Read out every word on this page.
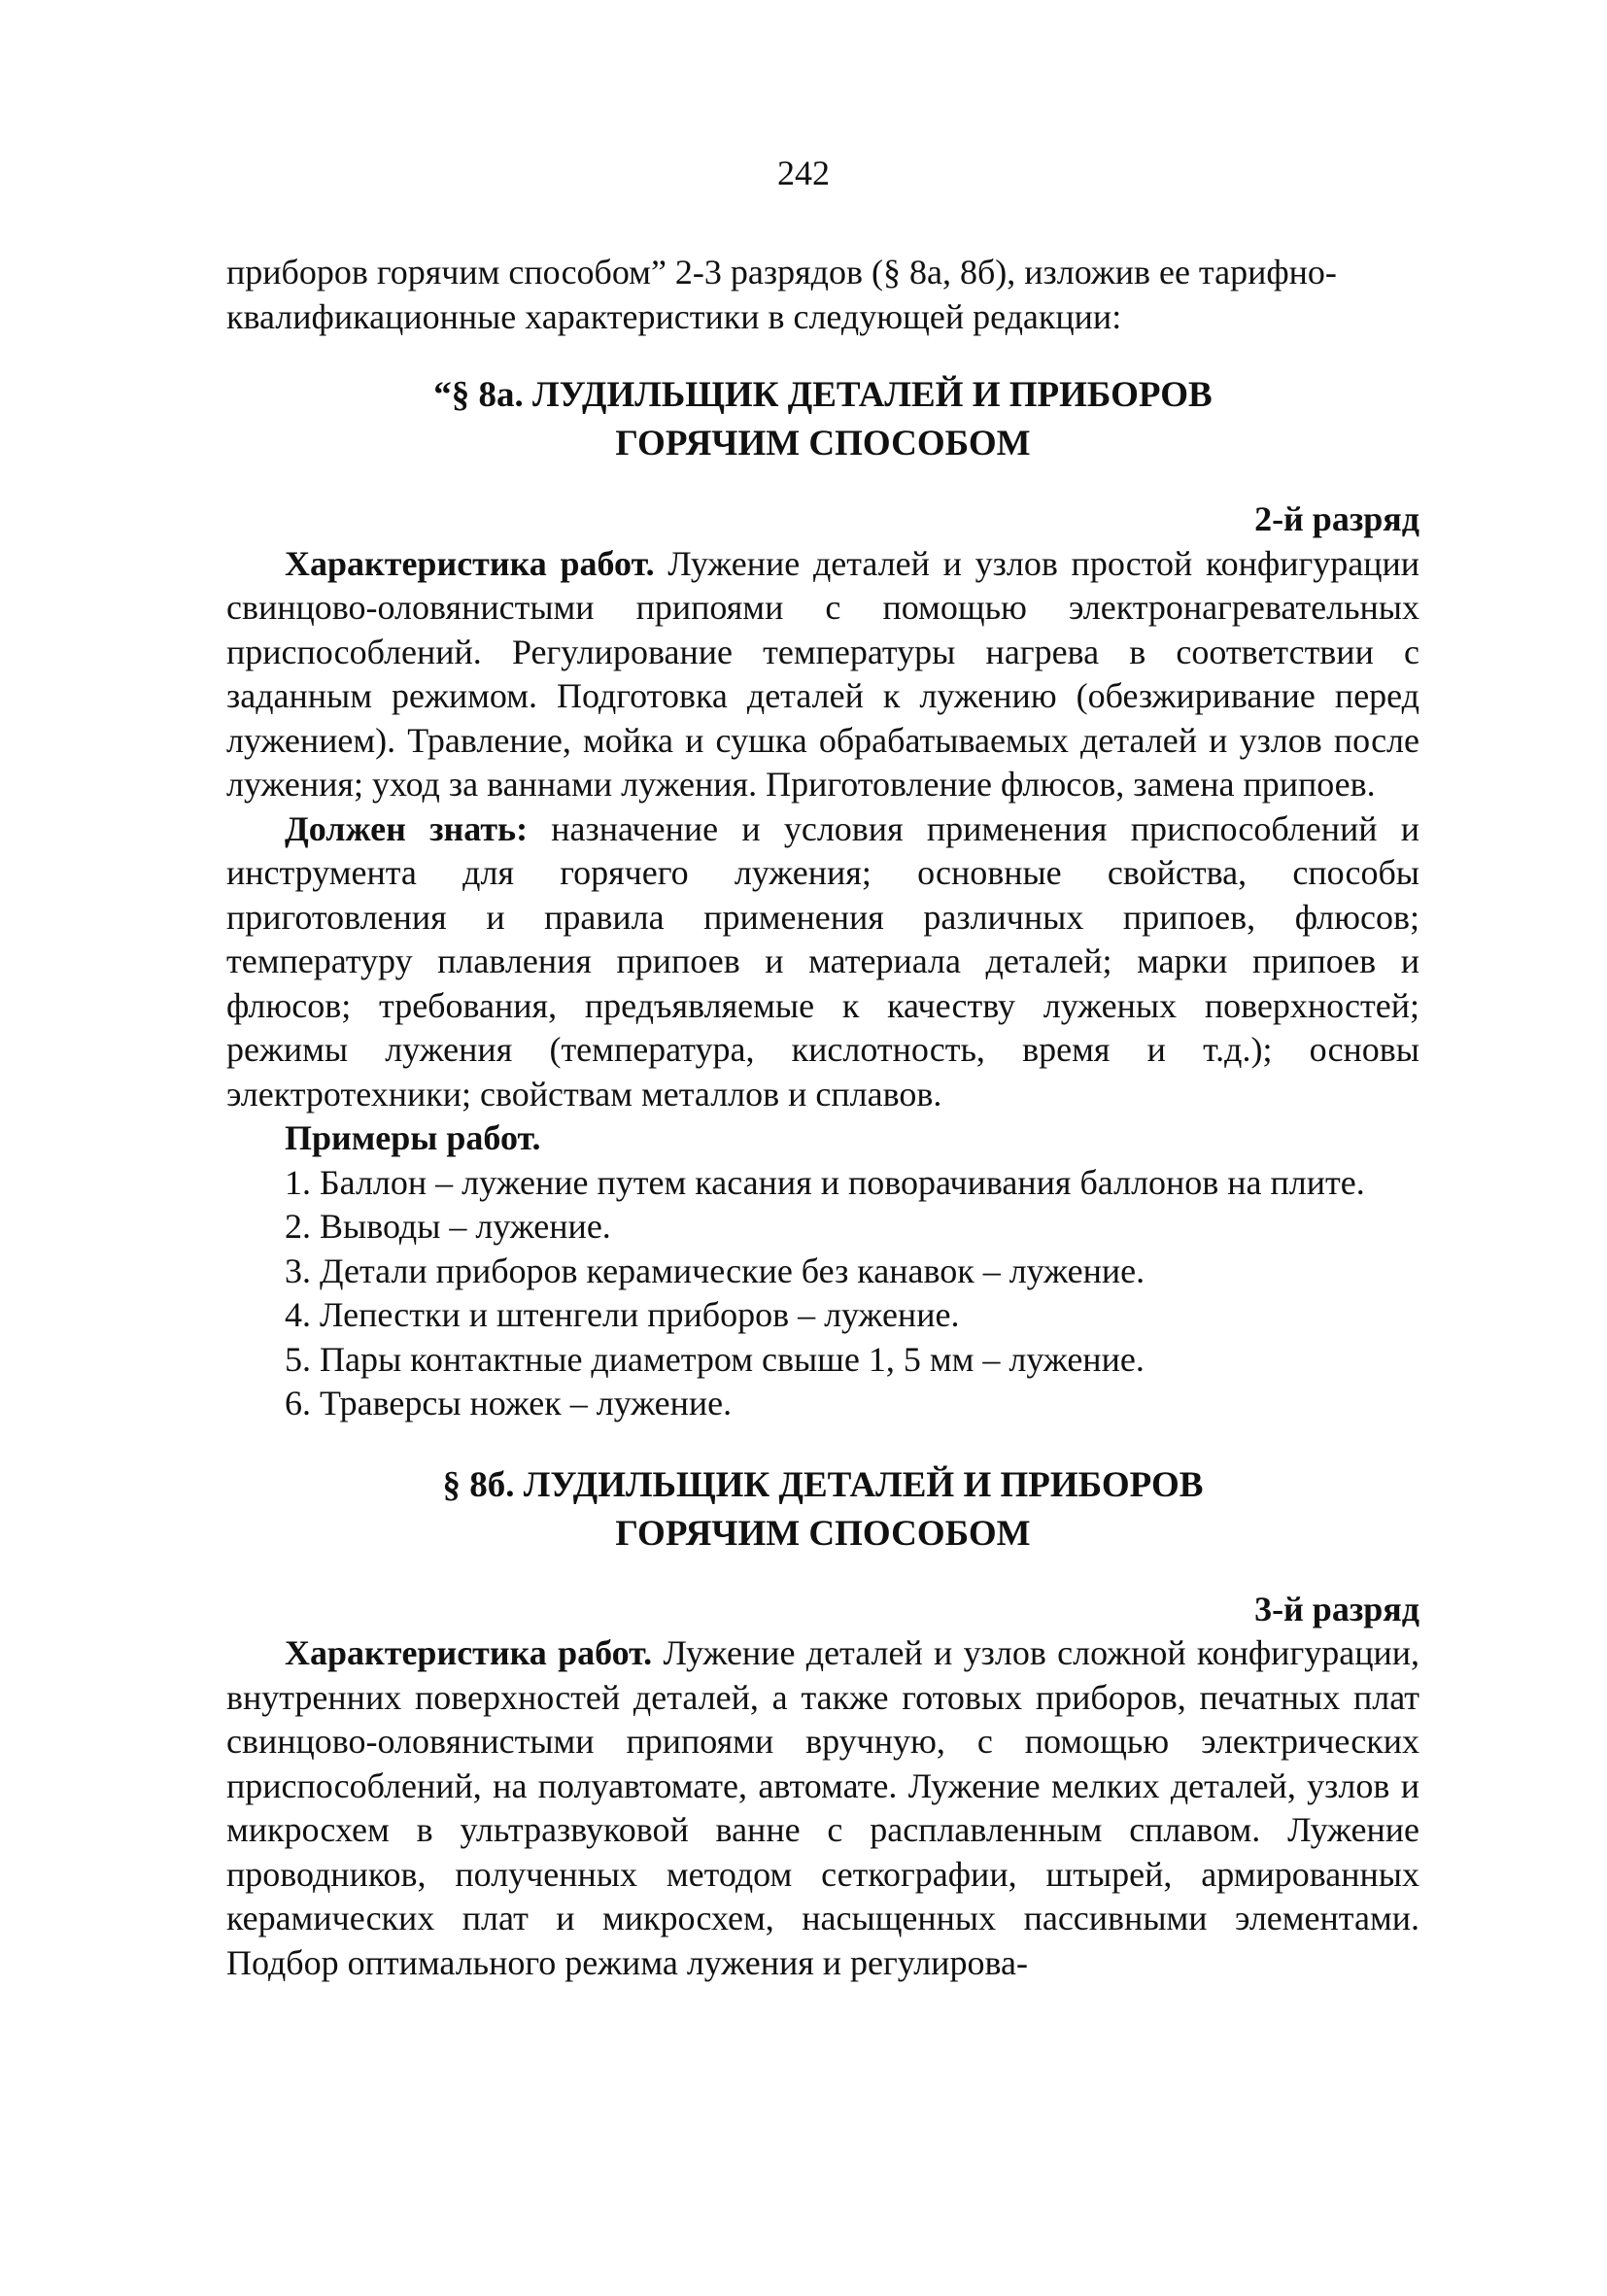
242

приборов горячим способом” 2-3 разрядов (§ 8а, 8б), изложив ее тарифно-

квалификационные характеристики в следующей редакции:

“§ 8а. ЛУДИЛЬЩИК ДЕТАЛЕЙ И ПРИБОРОВ

ГОРЯЧИМ СПОСОБОМ

2-й разряд

Характеристика работ. Лужение деталей и узлов простой конфигурации свинцово-оловянистыми припоями с помощью электронагревательных приспособлений. Регулирование температуры нагрева в соответствии с заданным режимом. Подготовка деталей к лужению (обезжиривание перед лужением). Травление, мойка и сушка обрабатываемых деталей и узлов после лужения; уход за ваннами лужения. Приготовление флюсов, замена припоев.

Должен знать: назначение и условия применения приспособлений и инструмента для горячего лужения; основные свойства, способы приготовления и правила применения различных припоев, флюсов; температуру плавления припоев и материала деталей; марки припоев и флюсов; требования, предъявляемые к качеству луженых поверхностей; режимы лужения (температура, кислотность, время и т.д.); основы электротехники; свойствам металлов и сплавов.

Примеры работ.

1. Баллон – лужение путем касания и поворачивания баллонов на плите.

2. Выводы – лужение.

3. Детали приборов керамические без канавок – лужение.

4. Лепестки и штенгели приборов – лужение.

5. Пары контактные диаметром свыше 1, 5 мм – лужение.

6. Траверсы ножек – лужение.

§ 8б. ЛУДИЛЬЩИК ДЕТАЛЕЙ И ПРИБОРОВ

ГОРЯЧИМ СПОСОБОМ

3-й разряд

Характеристика работ. Лужение деталей и узлов сложной конфигурации, внутренних поверхностей деталей, а также готовых приборов, печатных плат свинцово-оловянистыми припоями вручную, с помощью электрических приспособлений, на полуавтомате, автомате. Лужение мелких деталей, узлов и микросхем в ультразвуковой ванне с расплавленным сплавом. Лужение проводников, полученных методом сеткографии, штырей, армированных керамических плат и микросхем, насыщенных пассивными элементами. Подбор оптимального режима лужения и регулирова-
